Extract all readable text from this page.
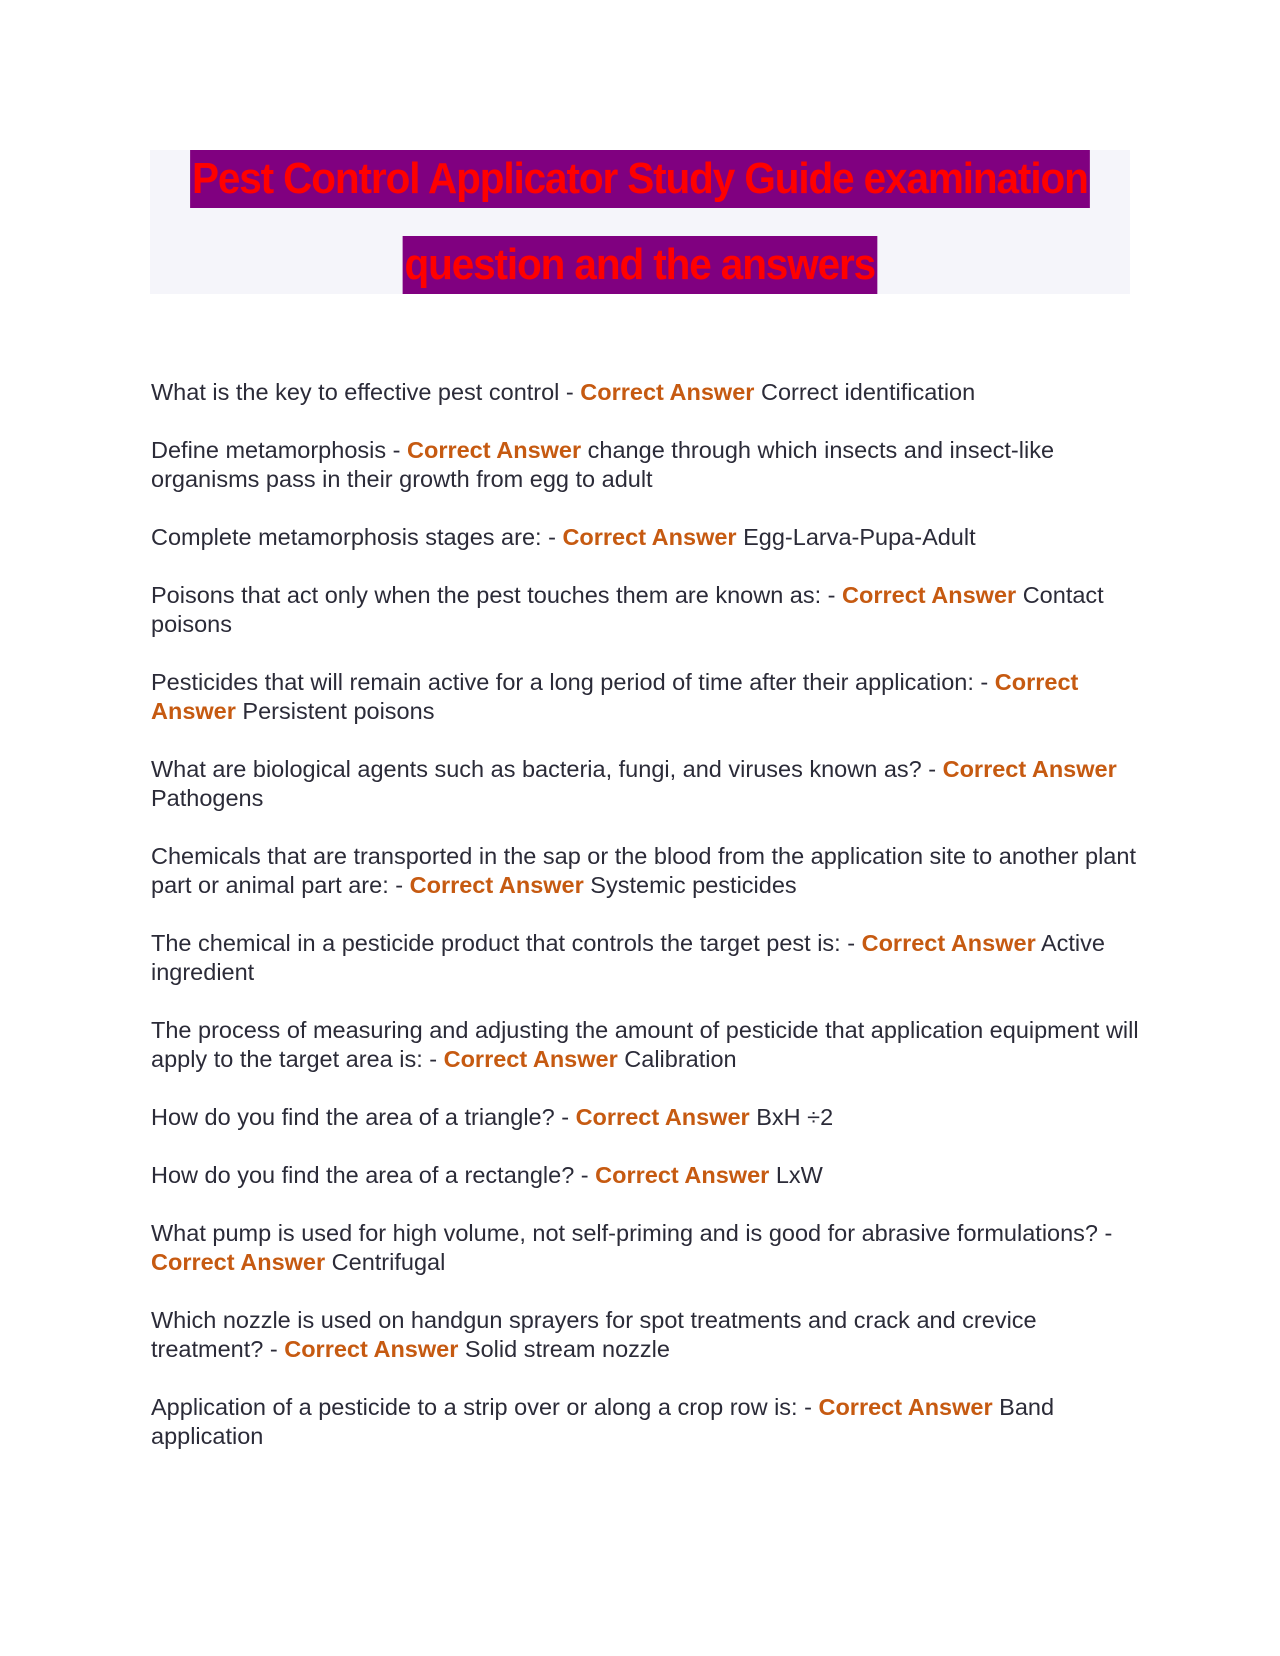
Pest Control Applicator Study Guide examination
question and the answers
What is the key to effective pest control - Correct Answer Correct identification
Define metamorphosis - Correct Answer change through which insects and insect-like organisms pass in their growth from egg to adult
Complete metamorphosis stages are: - Correct Answer Egg-Larva-Pupa-Adult
Poisons that act only when the pest touches them are known as: - Correct Answer Contact poisons
Pesticides that will remain active for a long period of time after their application: - Correct Answer Persistent poisons
What are biological agents such as bacteria, fungi, and viruses known as? - Correct Answer Pathogens
Chemicals that are transported in the sap or the blood from the application site to another plant part or animal part are: - Correct Answer Systemic pesticides
The chemical in a pesticide product that controls the target pest is: - Correct Answer Active ingredient
The process of measuring and adjusting the amount of pesticide that application equipment will apply to the target area is: - Correct Answer Calibration
How do you find the area of a triangle? - Correct Answer BxH ÷2
How do you find the area of a rectangle? - Correct Answer LxW
What pump is used for high volume, not self-priming and is good for abrasive formulations? - Correct Answer Centrifugal
Which nozzle is used on handgun sprayers for spot treatments and crack and crevice treatment? - Correct Answer Solid stream nozzle
Application of a pesticide to a strip over or along a crop row is: - Correct Answer Band application
